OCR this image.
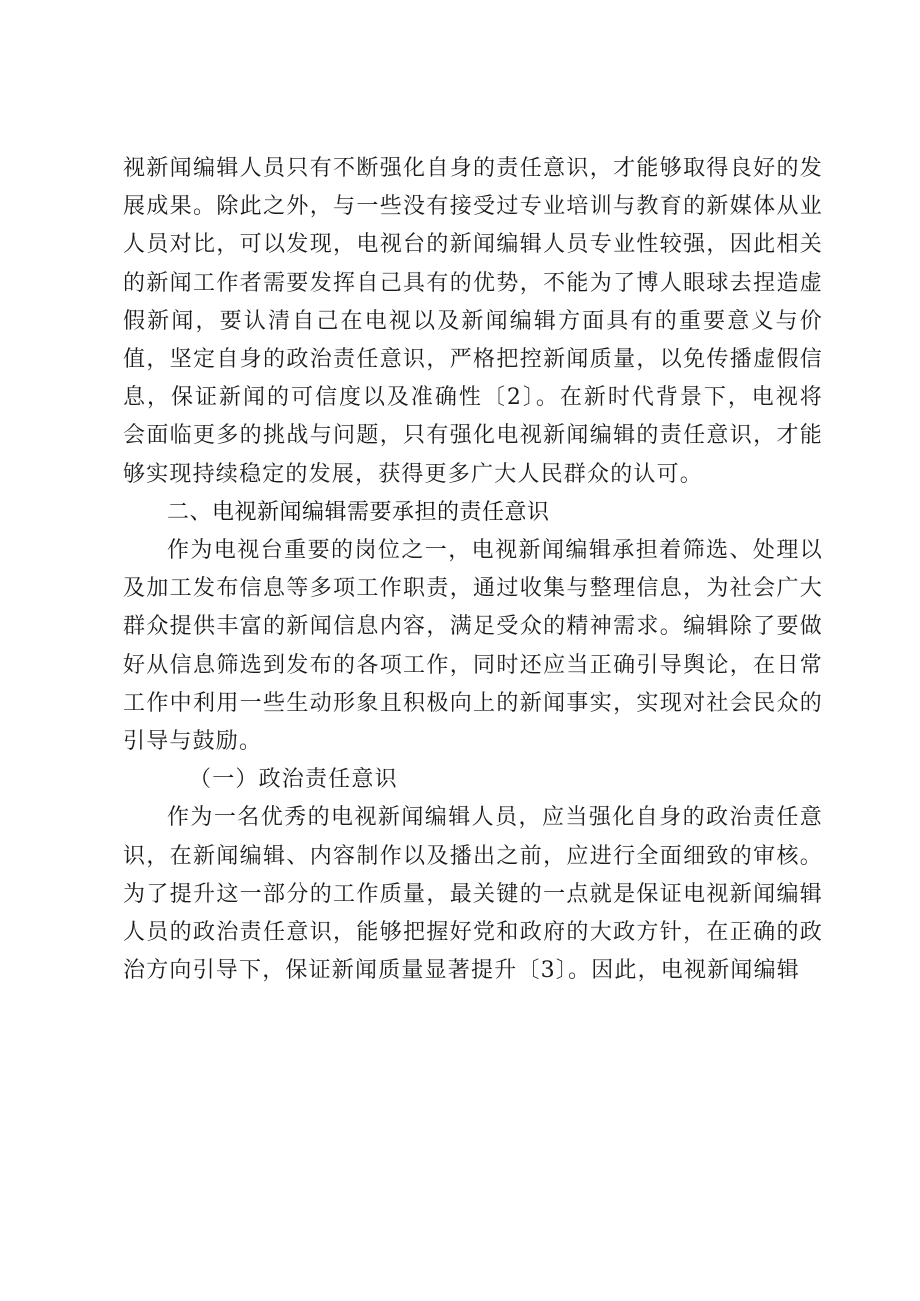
视新闻编辑人员只有不断强化自身的责任意识，才能够取得良好的发展成果。除此之外，与一些没有接受过专业培训与教育的新媒体从业人员对比，可以发现，电视台的新闻编辑人员专业性较强，因此相关的新闻工作者需要发挥自己具有的优势，不能为了博人眼球去捏造虚假新闻，要认清自己在电视以及新闻编辑方面具有的重要意义与价值，坚定自身的政治责任意识，严格把控新闻质量，以免传播虚假信息，保证新闻的可信度以及准确性〔2〕。在新时代背景下，电视将会面临更多的挑战与问题，只有强化电视新闻编辑的责任意识，才能够实现持续稳定的发展，获得更多广大人民群众的认可。

二、电视新闻编辑需要承担的责任意识

作为电视台重要的岗位之一，电视新闻编辑承担着筛选、处理以及加工发布信息等多项工作职责，通过收集与整理信息，为社会广大群众提供丰富的新闻信息内容，满足受众的精神需求。编辑除了要做好从信息筛选到发布的各项工作，同时还应当正确引导舆论，在日常工作中利用一些生动形象且积极向上的新闻事实，实现对社会民众的引导与鼓励。

（一）政治责任意识

作为一名优秀的电视新闻编辑人员，应当强化自身的政治责任意识，在新闻编辑、内容制作以及播出之前，应进行全面细致的审核。为了提升这一部分的工作质量，最关键的一点就是保证电视新闻编辑人员的政治责任意识，能够把握好党和政府的大政方针，在正确的政治方向引导下，保证新闻质量显著提升〔3〕。因此，电视新闻编辑
